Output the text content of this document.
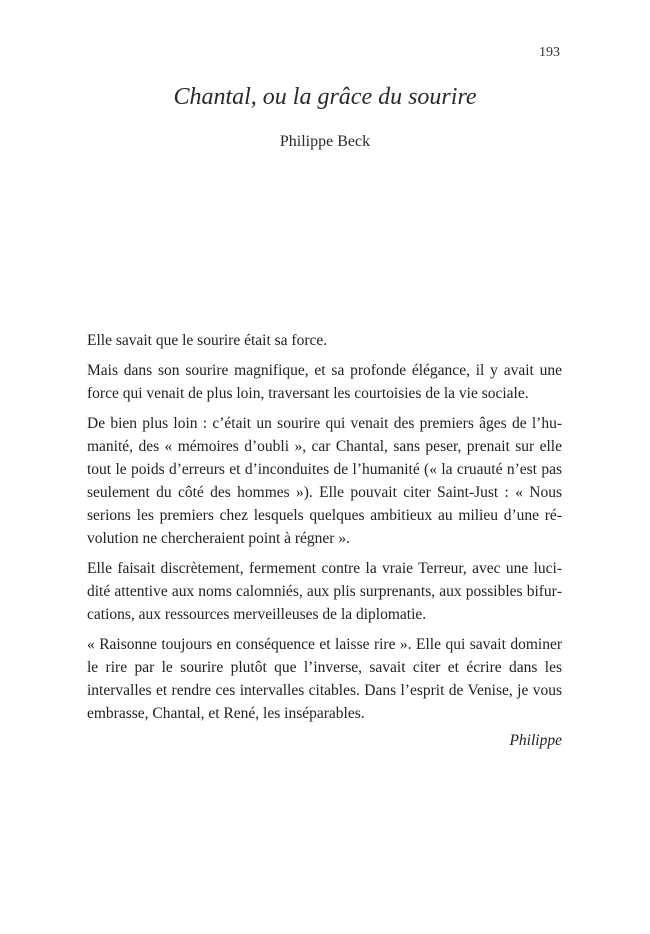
193
Chantal, ou la grâce du sourire
Philippe Beck

Elle savait que le sourire était sa force.

Mais dans son sourire magnifique, et sa profonde élégance, il y avait une force qui venait de plus loin, traversant les courtoisies de la vie sociale.

De bien plus loin : c’était un sourire qui venait des premiers âges de l’humanité, des « mémoires d’oubli », car Chantal, sans peser, prenait sur elle tout le poids d’erreurs et d’inconduites de l’humanité (« la cruauté n’est pas seulement du côté des hommes »). Elle pouvait citer Saint-Just : « Nous serions les premiers chez lesquels quelques ambitieux au milieu d’une révolution ne chercheraient point à régner ».

Elle faisait discrètement, fermement contre la vraie Terreur, avec une lucidité attentive aux noms calomniés, aux plis surprenants, aux possibles bifurcations, aux ressources merveilleuses de la diplomatie.

« Raisonne toujours en conséquence et laisse rire ». Elle qui savait dominer le rire par le sourire plutôt que l’inverse, savait citer et écrire dans les intervalles et rendre ces intervalles citables. Dans l’esprit de Venise, je vous embrasse, Chantal, et René, les inséparables.

Philippe
